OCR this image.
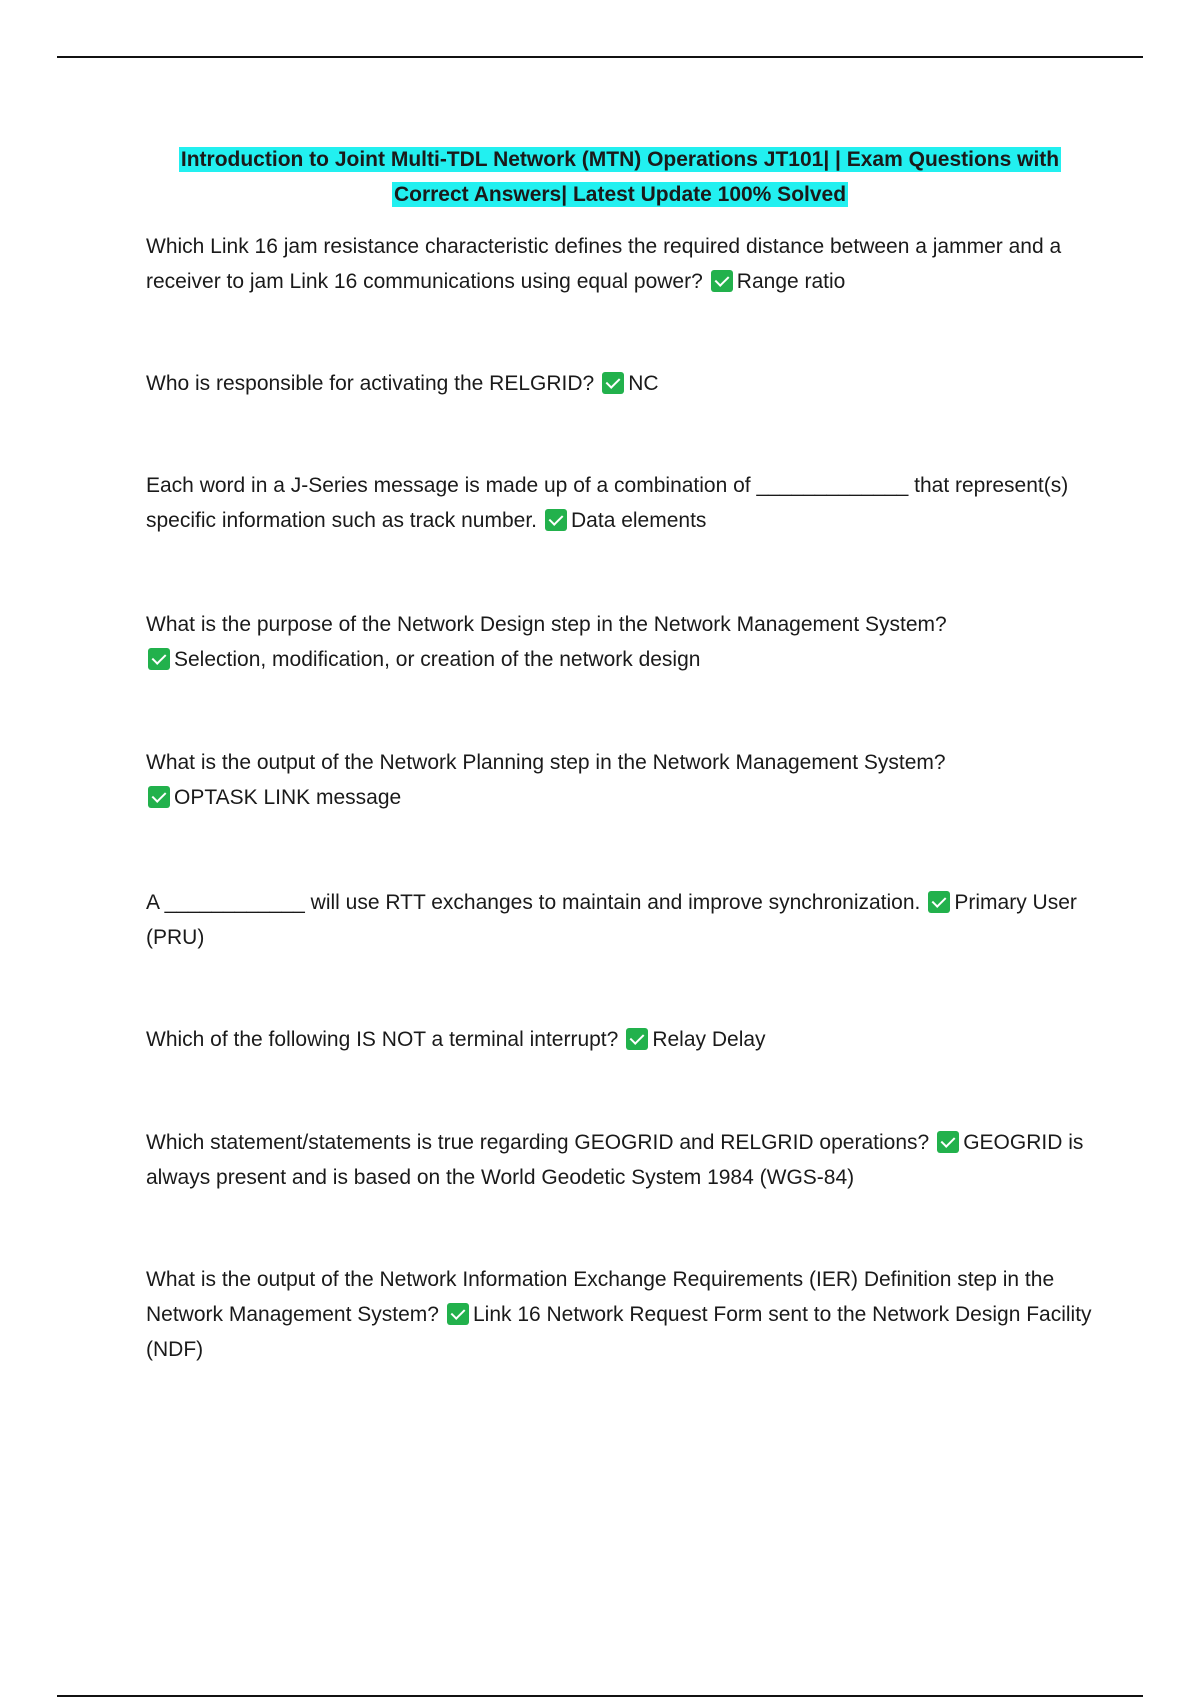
Introduction to Joint Multi-TDL Network (MTN) Operations JT101| | Exam Questions with
Correct Answers| Latest Update 100% Solved
Which Link 16 jam resistance characteristic defines the required distance between a jammer and a receiver to jam Link 16 communications using equal power? Range ratio
Who is responsible for activating the RELGRID? NC
Each word in a J-Series message is made up of a combination of _____________ that represent(s) specific information such as track number. Data elements
What is the purpose of the Network Design step in the Network Management System?
Selection, modification, or creation of the network design
What is the output of the Network Planning step in the Network Management System?
OPTASK LINK message
A ____________ will use RTT exchanges to maintain and improve synchronization. Primary User (PRU)
Which of the following IS NOT a terminal interrupt? Relay Delay
Which statement/statements is true regarding GEOGRID and RELGRID operations? GEOGRID is always present and is based on the World Geodetic System 1984 (WGS-84)
What is the output of the Network Information Exchange Requirements (IER) Definition step in the Network Management System? Link 16 Network Request Form sent to the Network Design Facility (NDF)
